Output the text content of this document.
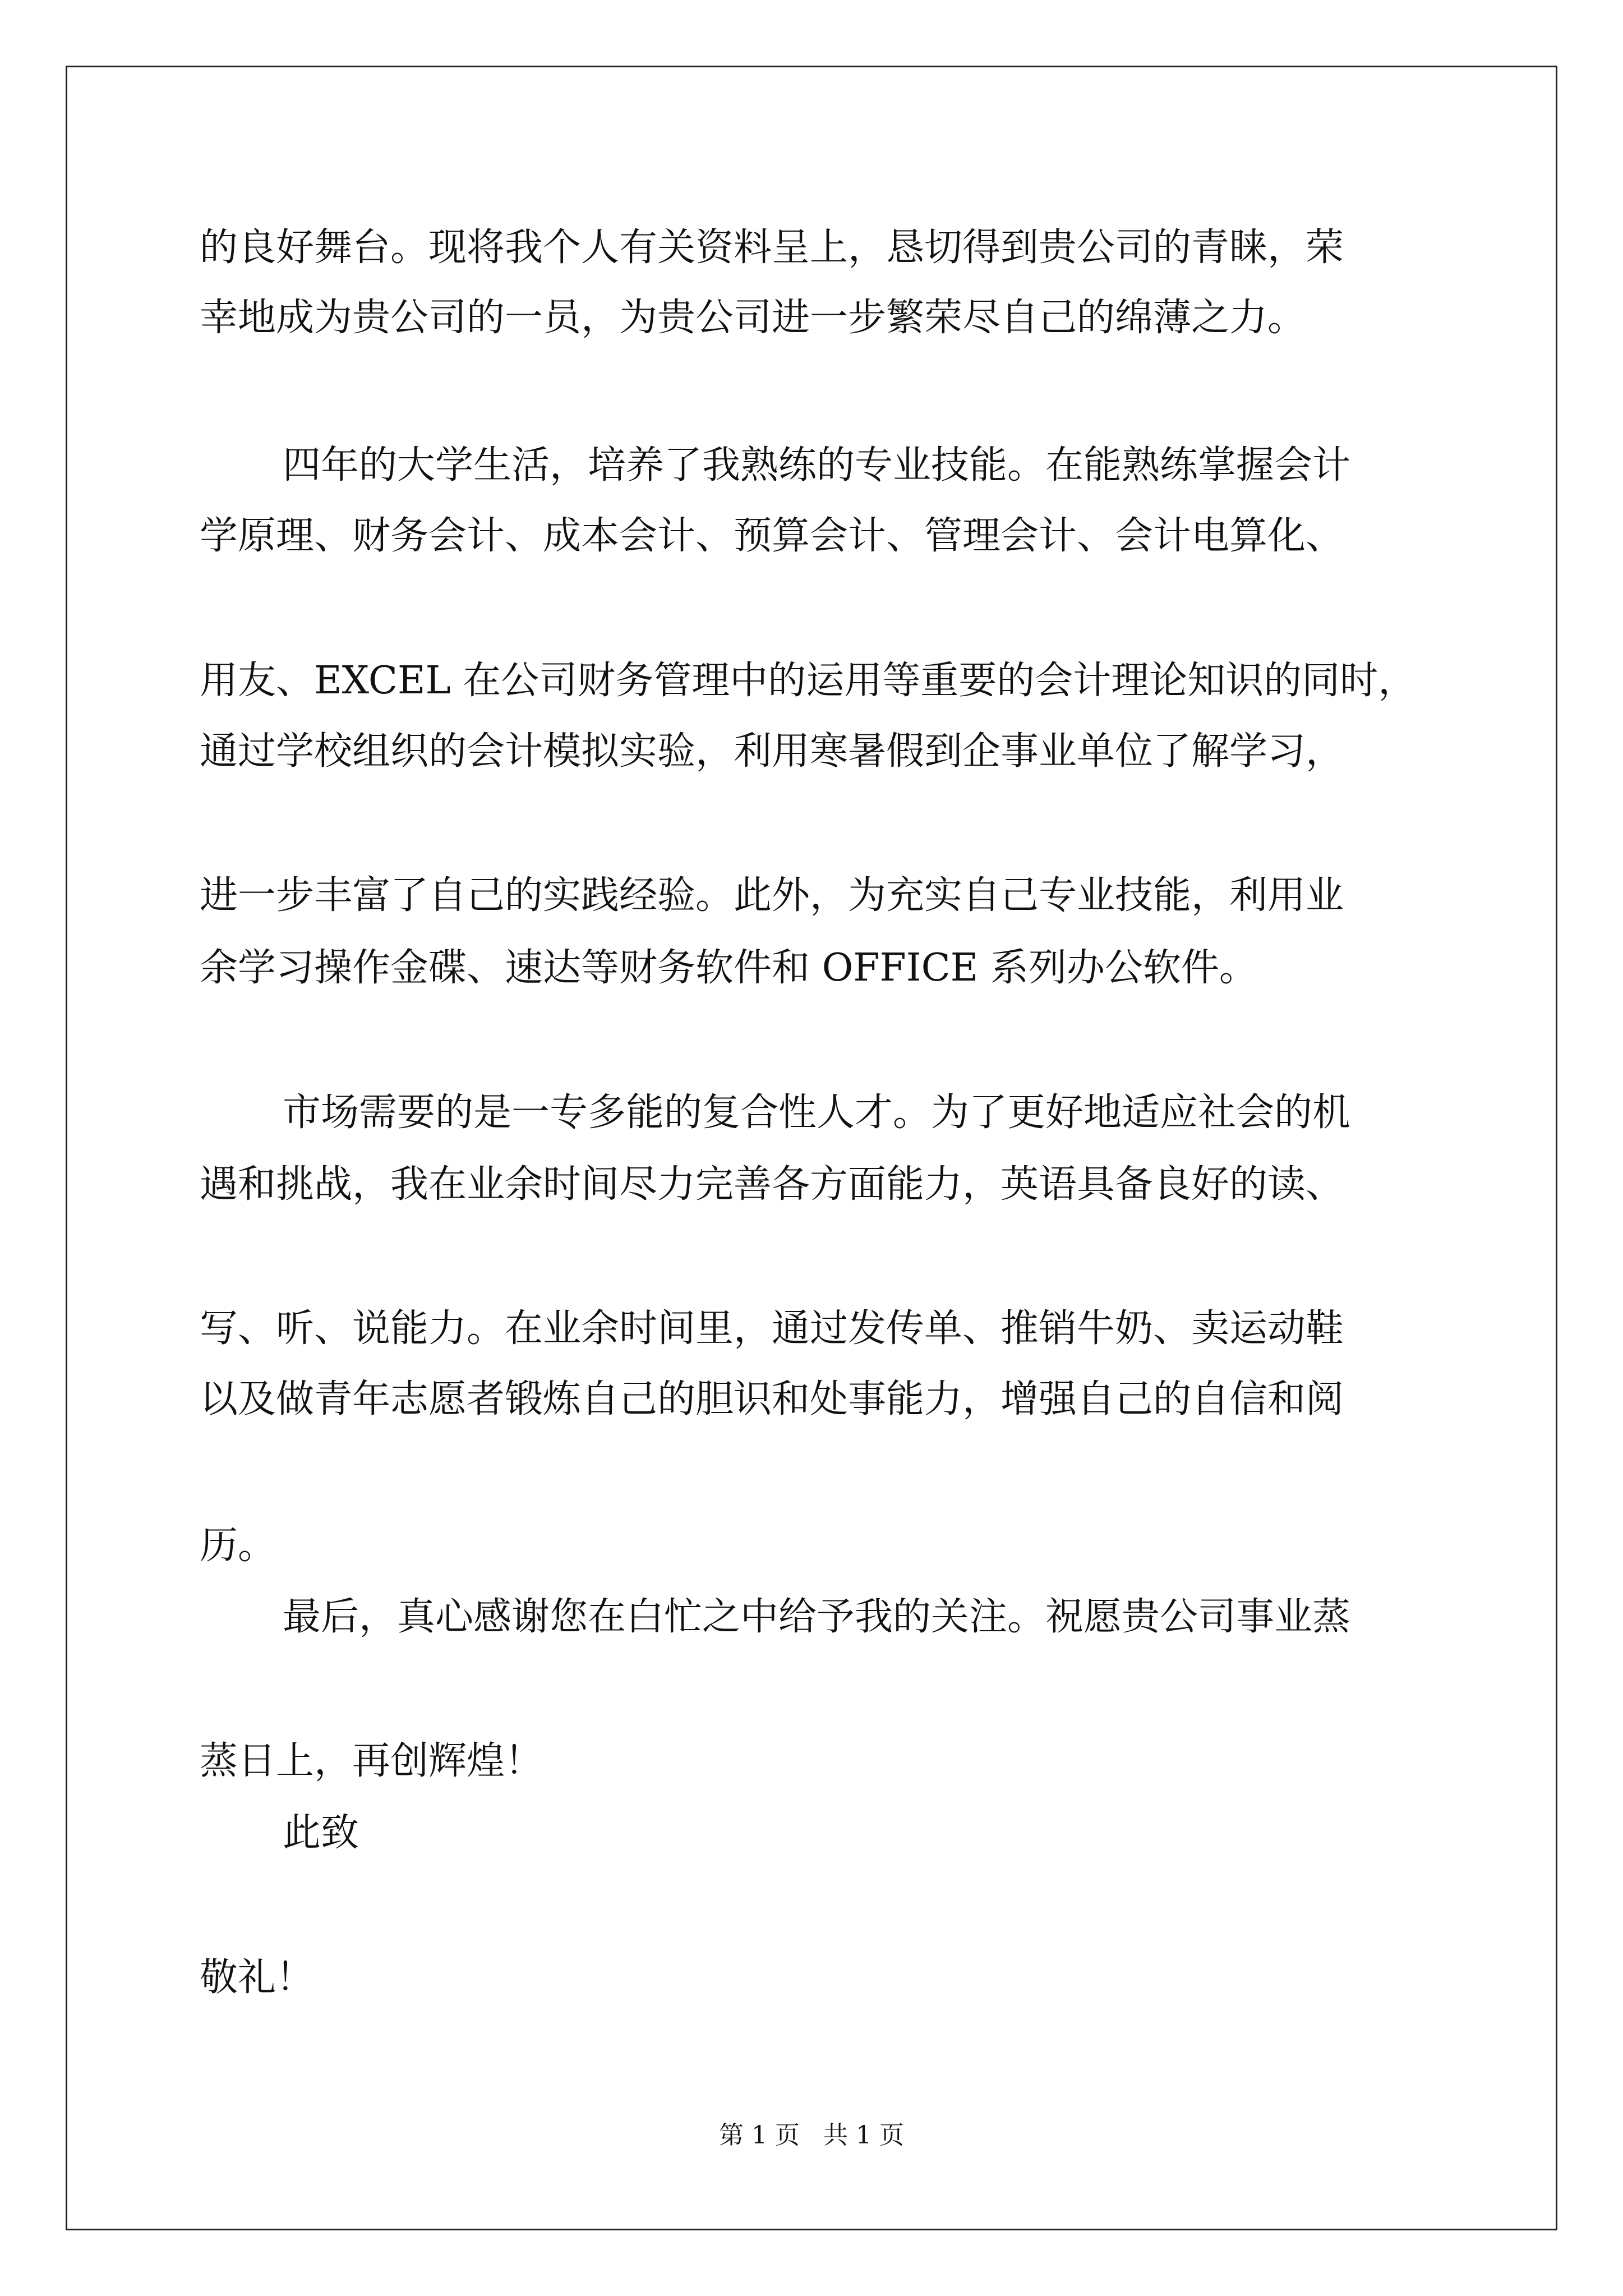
的良好舞台。现将我个人有关资料呈上，恳切得到贵公司的青睐，荣
幸地成为贵公司的一员，为贵公司进一步繁荣尽自己的绵薄之力。
四年的大学生活，培养了我熟练的专业技能。在能熟练掌握会计
学原理、财务会计、成本会计、预算会计、管理会计、会计电算化、
用友、EXCEL 在公司财务管理中的运用等重要的会计理论知识的同时，
通过学校组织的会计模拟实验，利用寒暑假到企事业单位了解学习，
进一步丰富了自己的实践经验。此外，为充实自己专业技能，利用业
余学习操作金碟、速达等财务软件和 OFFICE 系列办公软件。
市场需要的是一专多能的复合性人才。为了更好地适应社会的机
遇和挑战，我在业余时间尽力完善各方面能力，英语具备良好的读、
写、听、说能力。在业余时间里，通过发传单、推销牛奶、卖运动鞋
以及做青年志愿者锻炼自己的胆识和处事能力，增强自己的自信和阅
历。
最后，真心感谢您在白忙之中给予我的关注。祝愿贵公司事业蒸
蒸日上，再创辉煌！
此致
敬礼！
第 1 页   共 1 页
